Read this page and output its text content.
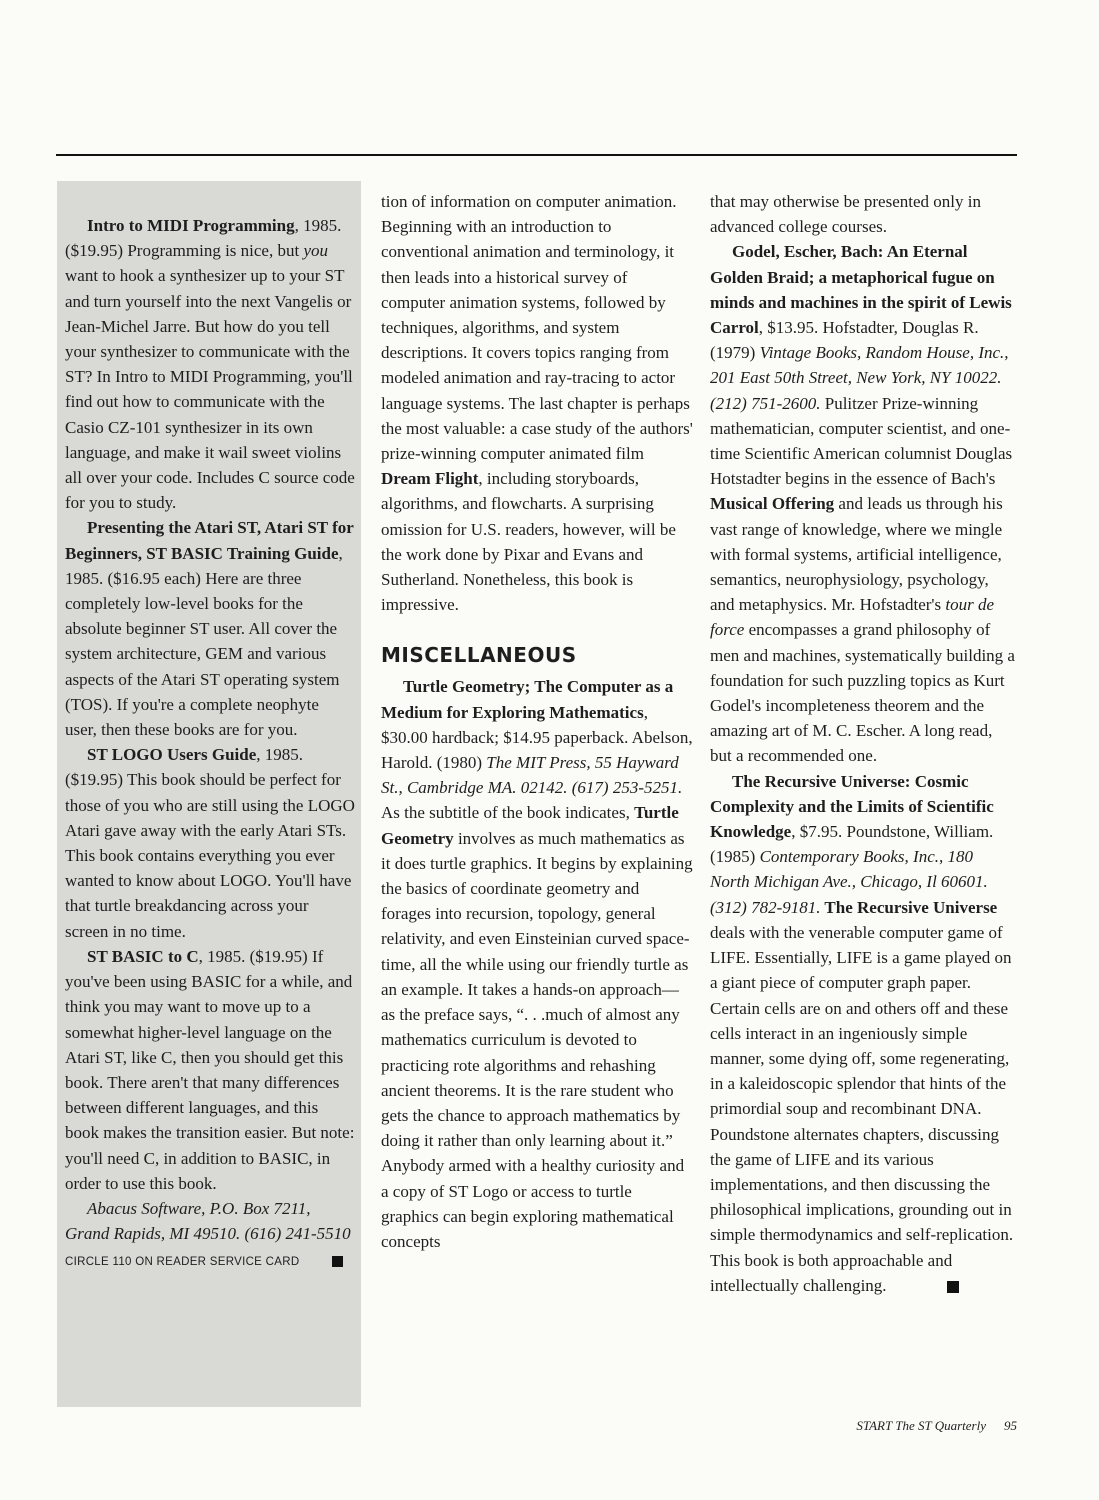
Intro to MIDI Programming, 1985. ($19.95) Programming is nice, but you want to hook a synthesizer up to your ST and turn yourself into the next Vangelis or Jean-Michel Jarre. But how do you tell your synthesizer to communicate with the ST? In Intro to MIDI Programming, you'll find out how to communicate with the Casio CZ-101 synthesizer in its own language, and make it wail sweet violins all over your code. Includes C source code for you to study.

Presenting the Atari ST, Atari ST for Beginners, ST BASIC Training Guide, 1985. ($16.95 each) Here are three completely low-level books for the absolute beginner ST user. All cover the system architecture, GEM and various aspects of the Atari ST operating system (TOS). If you're a complete neophyte user, then these books are for you.

ST LOGO Users Guide, 1985. ($19.95) This book should be perfect for those of you who are still using the LOGO Atari gave away with the early Atari STs. This book contains everything you ever wanted to know about LOGO. You'll have that turtle breakdancing across your screen in no time.

ST BASIC to C, 1985. ($19.95) If you've been using BASIC for a while, and think you may want to move up to a somewhat higher-level language on the Atari ST, like C, then you should get this book. There aren't that many differences between different languages, and this book makes the transition easier. But note: you'll need C, in addition to BASIC, in order to use this book.

Abacus Software, P.O. Box 7211, Grand Rapids, MI 49510. (616) 241-5510

CIRCLE 110 ON READER SERVICE CARD

tion of information on computer animation. Beginning with an introduction to conventional animation and terminology, it then leads into a historical survey of computer animation systems, followed by techniques, algorithms, and system descriptions. It covers topics ranging from modeled animation and ray-tracing to actor language systems. The last chapter is perhaps the most valuable: a case study of the authors' prize-winning computer animated film Dream Flight, including storyboards, algorithms, and flowcharts. A surprising omission for U.S. readers, however, will be the work done by Pixar and Evans and Sutherland. Nonetheless, this book is impressive.

MISCELLANEOUS

Turtle Geometry; The Computer as a Medium for Exploring Mathematics, $30.00 hardback; $14.95 paperback. Abelson, Harold. (1980) The MIT Press, 55 Hayward St., Cambridge MA. 02142. (617) 253-5251. As the subtitle of the book indicates, Turtle Geometry involves as much mathematics as it does turtle graphics. It begins by explaining the basics of coordinate geometry and forages into recursion, topology, general relativity, and even Einsteinian curved space-time, all the while using our friendly turtle as an example. It takes a hands-on approach—as the preface says, “. . .much of almost any mathematics curriculum is devoted to practicing rote algorithms and rehashing ancient theorems. It is the rare student who gets the chance to approach mathematics by doing it rather than only learning about it.” Anybody armed with a healthy curiosity and a copy of ST Logo or access to turtle graphics can begin exploring mathematical concepts

that may otherwise be presented only in advanced college courses.

Godel, Escher, Bach: An Eternal Golden Braid; a metaphorical fugue on minds and machines in the spirit of Lewis Carrol, $13.95. Hofstadter, Douglas R. (1979) Vintage Books, Random House, Inc., 201 East 50th Street, New York, NY 10022. (212) 751-2600. Pulitzer Prize-winning mathematician, computer scientist, and one-time Scientific American columnist Douglas Hotstadter begins in the essence of Bach's Musical Offering and leads us through his vast range of knowledge, where we mingle with formal systems, artificial intelligence, semantics, neurophysiology, psychology, and metaphysics. Mr. Hofstadter's tour de force encompasses a grand philosophy of men and machines, systematically building a foundation for such puzzling topics as Kurt Godel's incompleteness theorem and the amazing art of M. C. Escher. A long read, but a recommended one.

The Recursive Universe: Cosmic Complexity and the Limits of Scientific Knowledge, $7.95. Poundstone, William. (1985) Contemporary Books, Inc., 180 North Michigan Ave., Chicago, Il 60601. (312) 782-9181. The Recursive Universe deals with the venerable computer game of LIFE. Essentially, LIFE is a game played on a giant piece of computer graph paper. Certain cells are on and others off and these cells interact in an ingeniously simple manner, some dying off, some regenerating, in a kaleidoscopic splendor that hints of the primordial soup and recombinant DNA. Poundstone alternates chapters, discussing the game of LIFE and its various implementations, and then discussing the philosophical implications, grounding out in simple thermodynamics and self-replication. This book is both approachable and intellectually challenging.

START The ST Quarterly 95
